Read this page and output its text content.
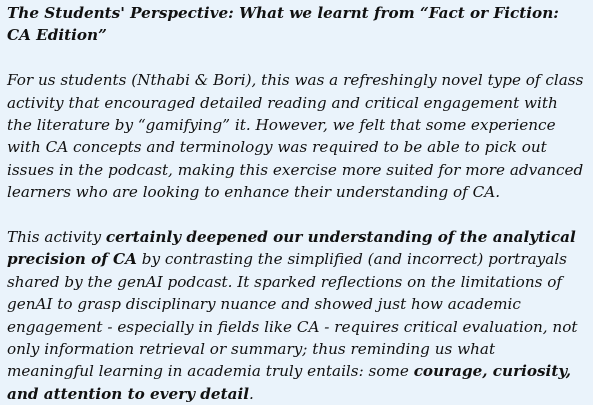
The Students' Perspective: What we learnt from “Fact or Fiction: CA Edition”

For us students (Nthabi & Bori), this was a refreshingly novel type of class activity that encouraged detailed reading and critical engagement with the literature by “gamifying” it. However, we felt that some experience with CA concepts and terminology was required to be able to pick out issues in the podcast, making this exercise more suited for more advanced learners who are looking to enhance their understanding of CA.

This activity certainly deepened our understanding of the analytical precision of CA by contrasting the simplified (and incorrect) portrayals shared by the genAI podcast. It sparked reflections on the limitations of genAI to grasp disciplinary nuance and showed just how academic engagement - especially in fields like CA - requires critical evaluation, not only information retrieval or summary; thus reminding us what meaningful learning in academia truly entails: some courage, curiosity, and attention to every detail.
